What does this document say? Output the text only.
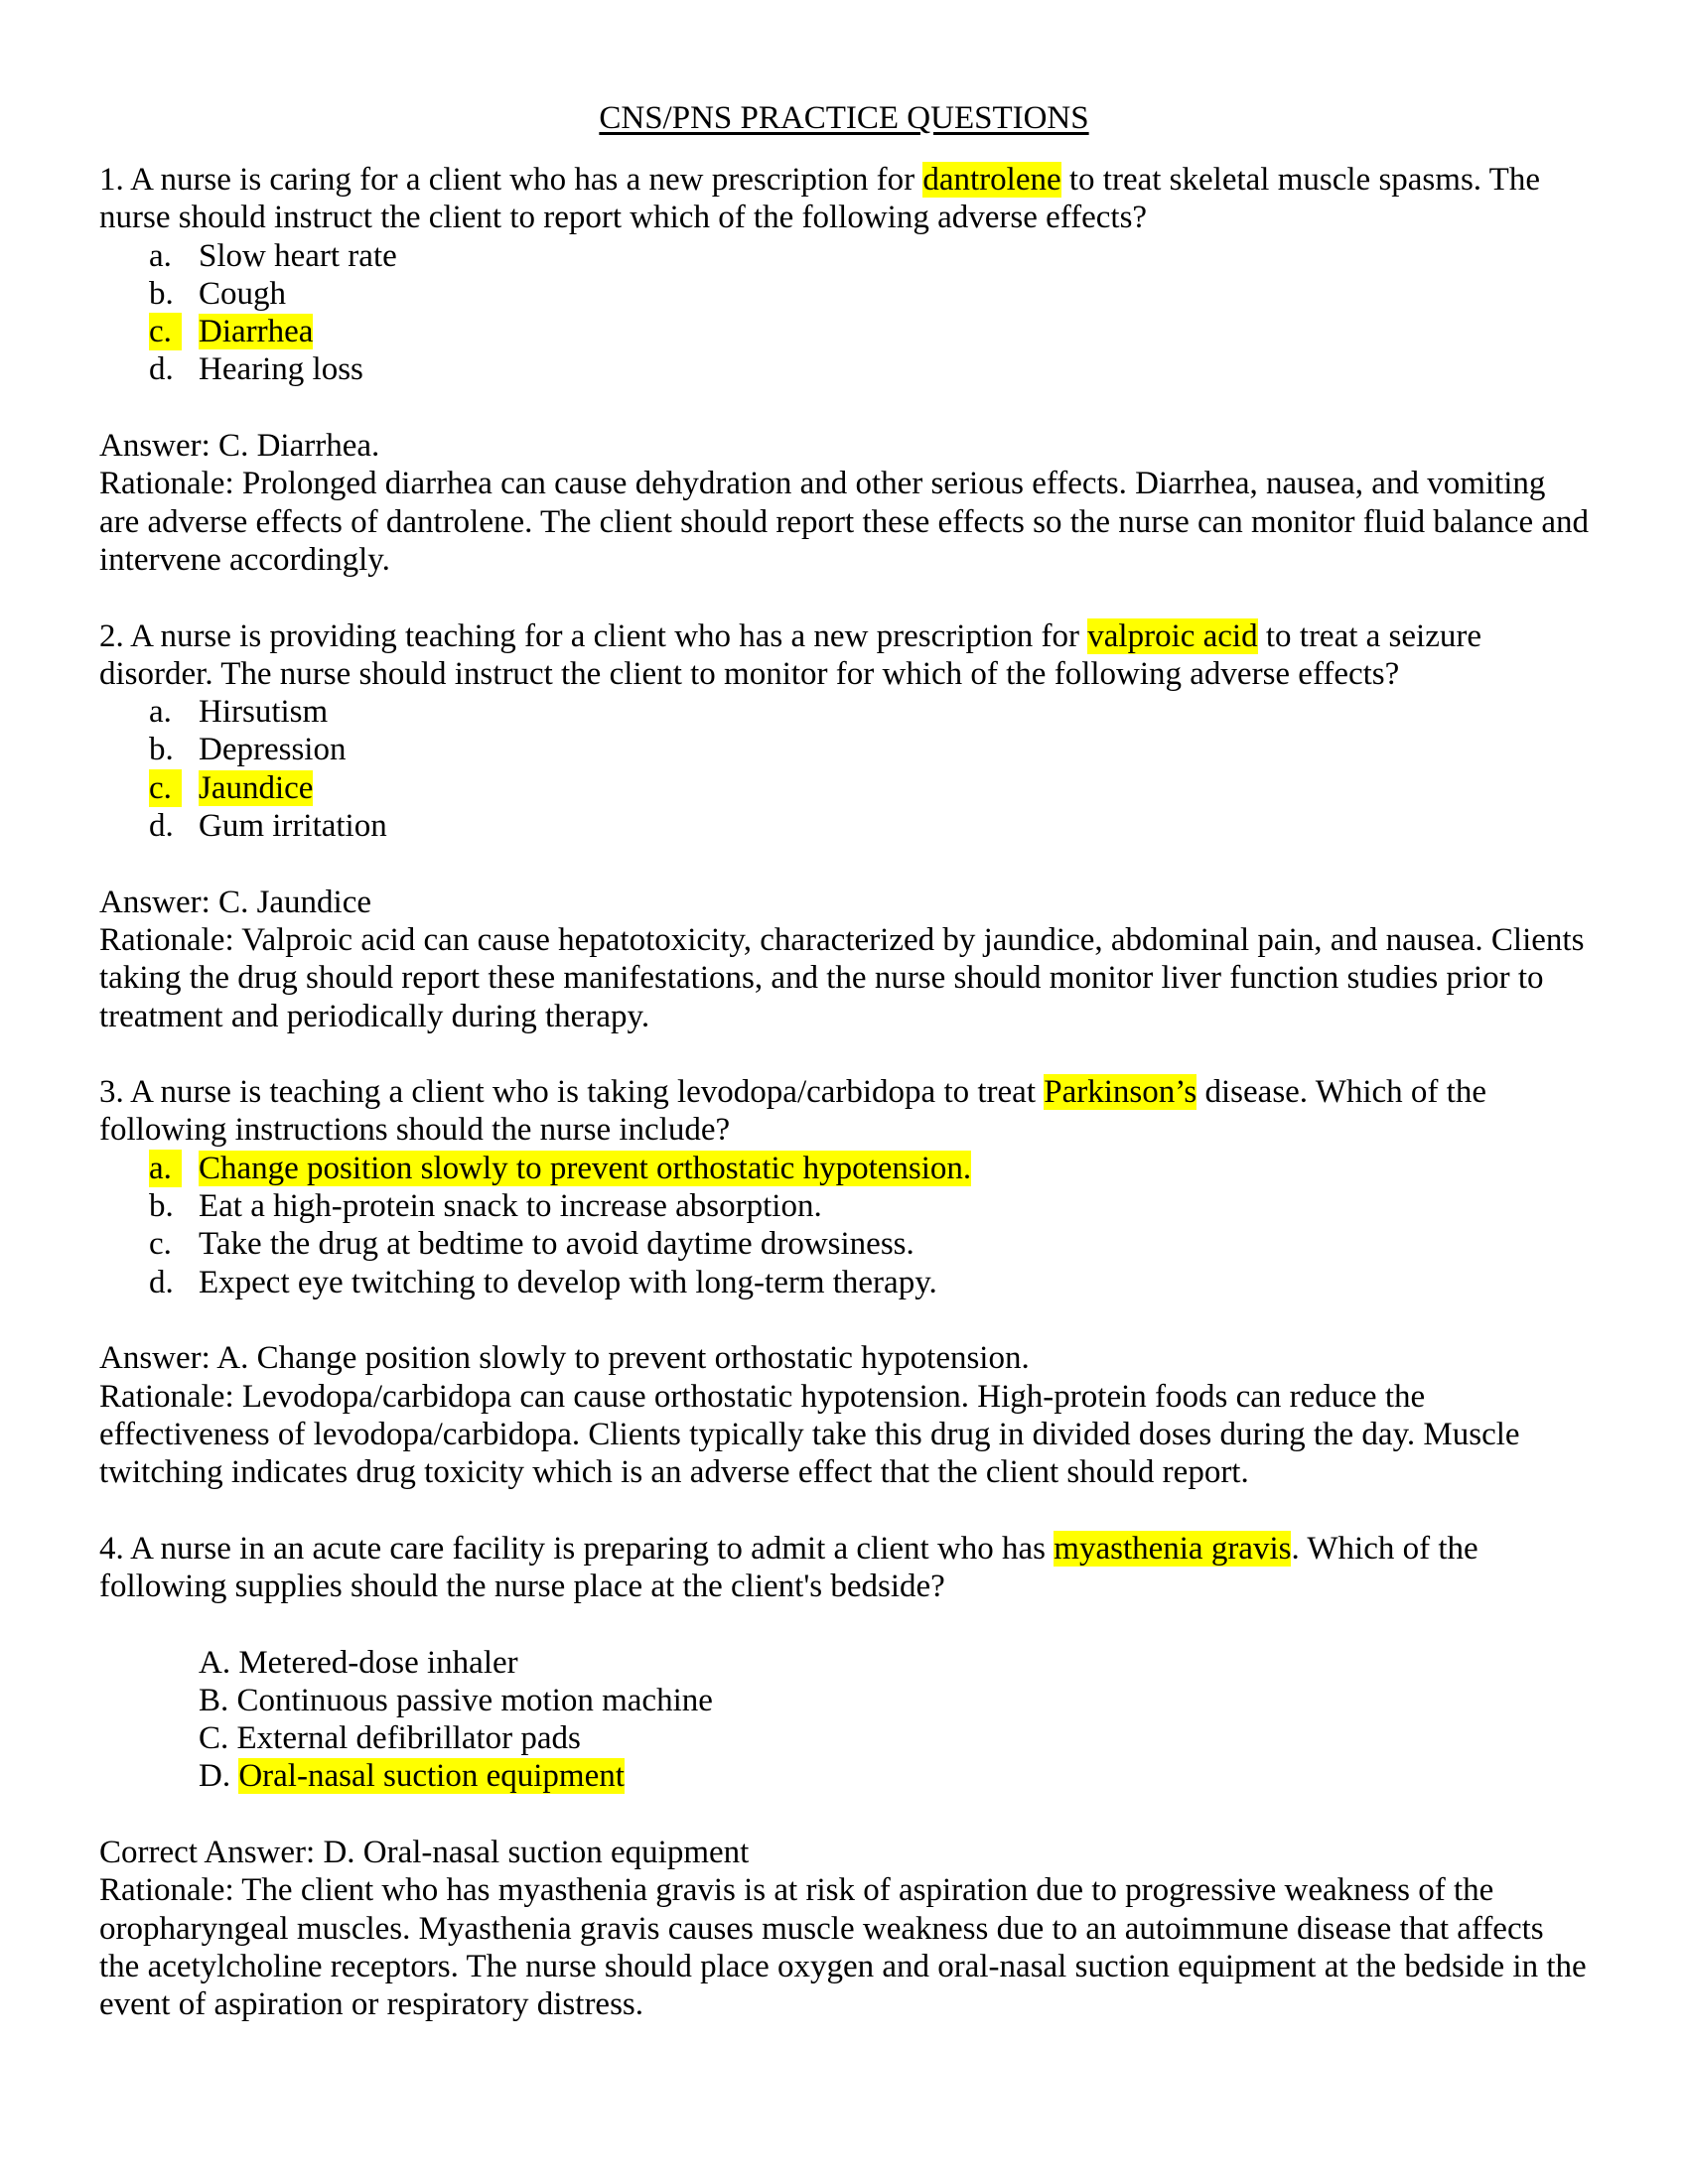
CNS/PNS PRACTICE QUESTIONS

1. A nurse is caring for a client who has a new prescription for dantrolene to treat skeletal muscle spasms. The nurse should instruct the client to report which of the following adverse effects?

a. Slow heart rate
b. Cough
c. Diarrhea
d. Hearing loss

Answer: C. Diarrhea.

Rationale: Prolonged diarrhea can cause dehydration and other serious effects. Diarrhea, nausea, and vomiting are adverse effects of dantrolene. The client should report these effects so the nurse can monitor fluid balance and intervene accordingly.

2. A nurse is providing teaching for a client who has a new prescription for valproic acid to treat a seizure disorder. The nurse should instruct the client to monitor for which of the following adverse effects?

a. Hirsutism
b. Depression
c. Jaundice
d. Gum irritation

Answer: C. Jaundice

Rationale: Valproic acid can cause hepatotoxicity, characterized by jaundice, abdominal pain, and nausea. Clients taking the drug should report these manifestations, and the nurse should monitor liver function studies prior to treatment and periodically during therapy.

3. A nurse is teaching a client who is taking levodopa/carbidopa to treat Parkinson’s disease. Which of the following instructions should the nurse include?

a. Change position slowly to prevent orthostatic hypotension.
b. Eat a high-protein snack to increase absorption.
c. Take the drug at bedtime to avoid daytime drowsiness.
d. Expect eye twitching to develop with long-term therapy.

Answer: A. Change position slowly to prevent orthostatic hypotension.

Rationale: Levodopa/carbidopa can cause orthostatic hypotension. High-protein foods can reduce the effectiveness of levodopa/carbidopa. Clients typically take this drug in divided doses during the day. Muscle twitching indicates drug toxicity which is an adverse effect that the client should report.

4. A nurse in an acute care facility is preparing to admit a client who has myasthenia gravis. Which of the following supplies should the nurse place at the client's bedside?

A. Metered-dose inhaler
B. Continuous passive motion machine
C. External defibrillator pads
D. Oral-nasal suction equipment

Correct Answer: D. Oral-nasal suction equipment

Rationale: The client who has myasthenia gravis is at risk of aspiration due to progressive weakness of the oropharyngeal muscles. Myasthenia gravis causes muscle weakness due to an autoimmune disease that affects the acetylcholine receptors. The nurse should place oxygen and oral-nasal suction equipment at the bedside in the event of aspiration or respiratory distress.
